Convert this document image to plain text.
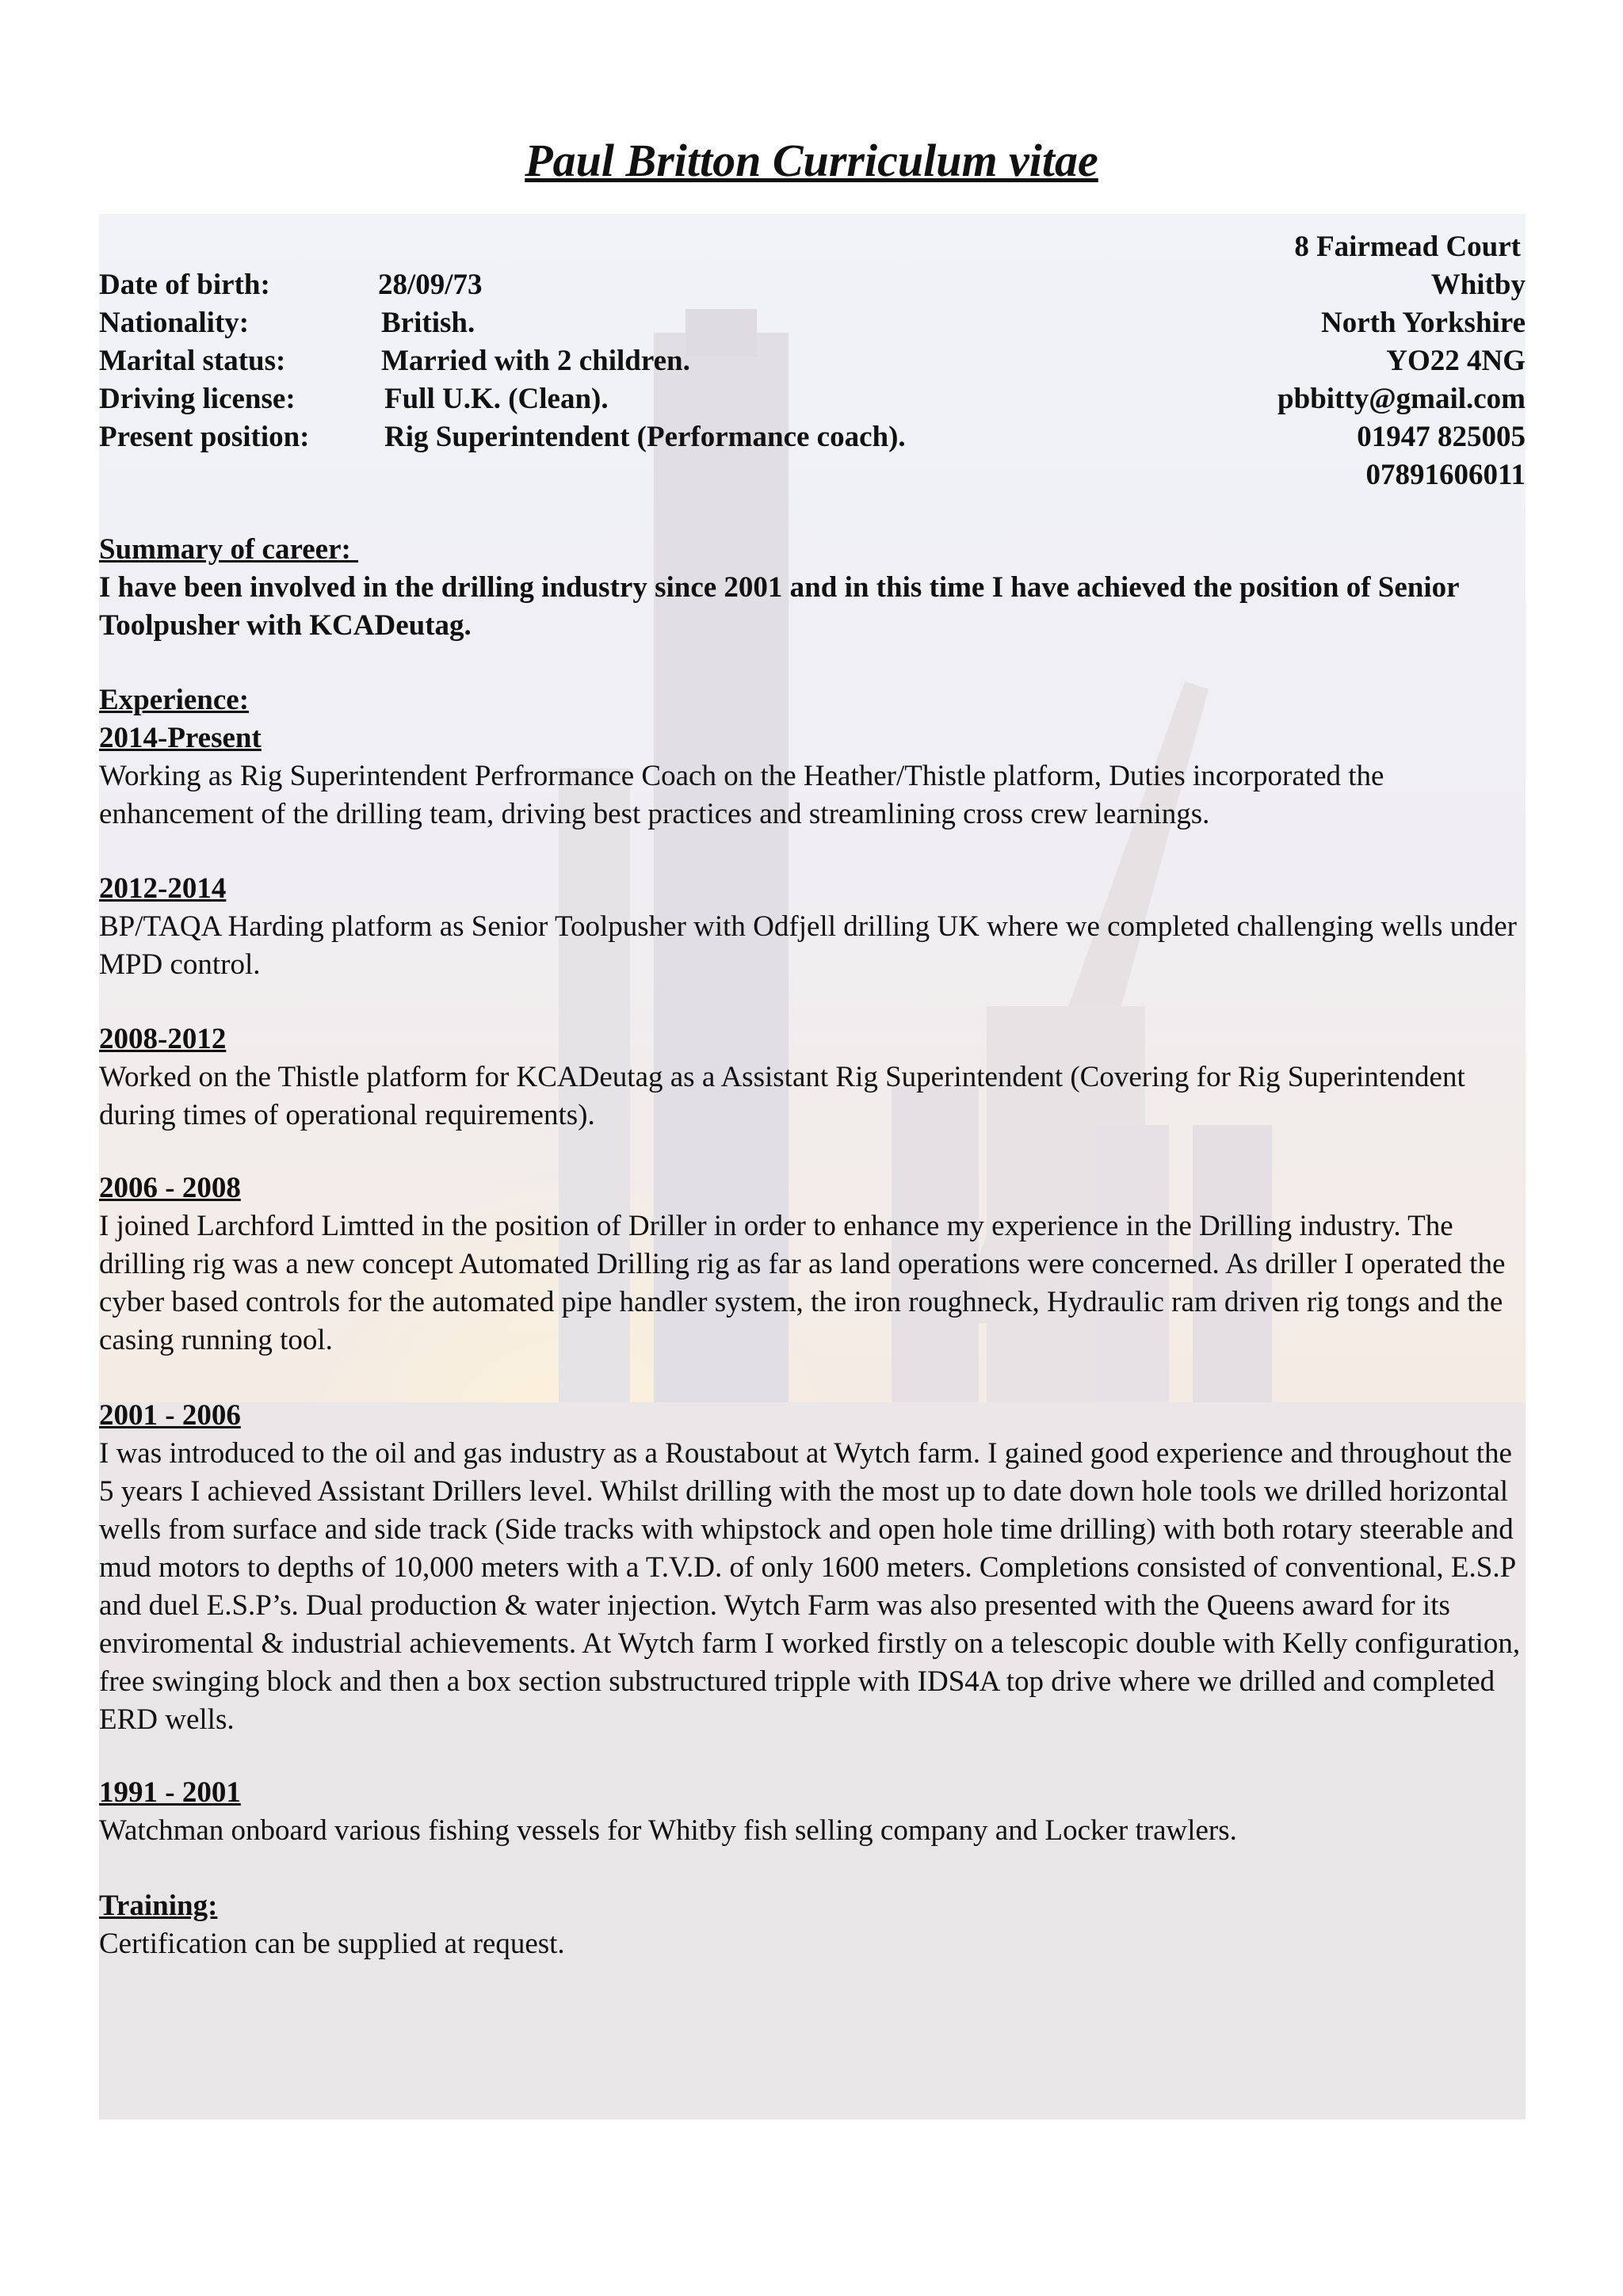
Paul Britton Curriculum vitae
Date of birth:	28/09/73
Nationality:	British.
Marital status:	Married with 2 children.
Driving license:	Full U.K. (Clean).
Present position:	Rig Superintendent (Performance coach).
8 Fairmead Court
Whitby
North Yorkshire
YO22 4NG
pbbitty@gmail.com
01947 825005
07891606011

Summary of career:

I have been involved in the drilling industry since 2001 and in this time I have achieved the position of Senior Toolpusher with KCADeutag.

Experience:

2014-Present

Working as Rig Superintendent Perfrormance Coach on the Heather/Thistle platform, Duties incorporated the enhancement of the drilling team, driving best practices and streamlining cross crew learnings.

2012-2014

BP/TAQA Harding platform as Senior Toolpusher with Odfjell drilling UK where we completed challenging wells under MPD control.

2008-2012

Worked on the Thistle platform for KCADeutag as a Assistant Rig Superintendent (Covering for Rig Superintendent during times of operational requirements).

2006 - 2008

I joined Larchford Limtted in the position of Driller in order to enhance my experience in the Drilling industry. The drilling rig was a new concept Automated Drilling rig as far as land operations were concerned. As driller I operated the cyber based controls for the automated pipe handler system, the iron roughneck, Hydraulic ram driven rig tongs and the casing running tool.

2001 - 2006

I was introduced to the oil and gas industry as a Roustabout at Wytch farm. I gained good experience and throughout the 5 years I achieved Assistant Drillers level. Whilst drilling with the most up to date down hole tools we drilled horizontal wells from surface and side track (Side tracks with whipstock and open hole time drilling) with both rotary steerable and mud motors to depths of 10,000 meters with a T.V.D. of only 1600 meters. Completions consisted of conventional, E.S.P and duel E.S.P’s. Dual production & water injection. Wytch Farm was also presented with the Queens award for its enviromental & industrial achievements. At Wytch farm I worked firstly on a telescopic double with Kelly configuration, free swinging block and then a box section substructured tripple with IDS4A top drive where we drilled and completed ERD wells.

1991 - 2001

Watchman onboard various fishing vessels for Whitby fish selling company and Locker trawlers.

Training:

Certification can be supplied at request.
